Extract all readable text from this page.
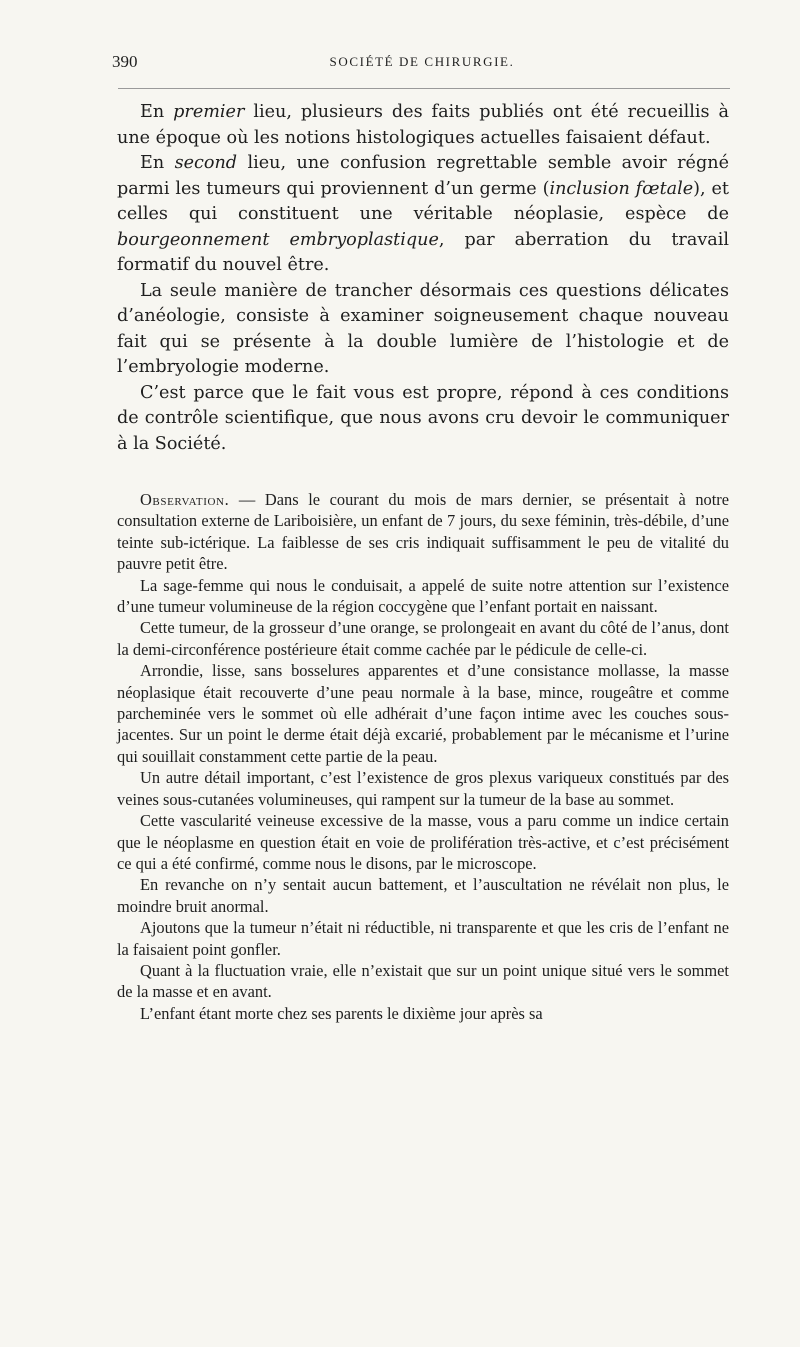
390	SOCIÉTÉ DE CHIRURGIE.

En premier lieu, plusieurs des faits publiés ont été recueillis à une époque où les notions histologiques actuelles faisaient défaut.

En second lieu, une confusion regrettable semble avoir régné parmi les tumeurs qui proviennent d’un germe (inclusion fœtale), et celles qui constituent une véritable néoplasie, espèce de bourgeonnement embryoplastique, par aberration du travail formatif du nouvel être.

La seule manière de trancher désormais ces questions délicates d’anéologie, consiste à examiner soigneusement chaque nouveau fait qui se présente à la double lumière de l’histologie et de l’embryologie moderne.

C’est parce que le fait vous est propre, répond à ces conditions de contrôle scientifique, que nous avons cru devoir le communiquer à la Société.

Observation. — Dans le courant du mois de mars dernier, se présentait à notre consultation externe de Lariboisière, un enfant de 7 jours, du sexe féminin, très-débile, d’une teinte sub-ictérique. La faiblesse de ses cris indiquait suffisamment le peu de vitalité du pauvre petit être.

La sage-femme qui nous le conduisait, a appelé de suite notre attention sur l’existence d’une tumeur volumineuse de la région coccygène que l’enfant portait en naissant.

Cette tumeur, de la grosseur d’une orange, se prolongeait en avant du côté de l’anus, dont la demi-circonférence postérieure était comme cachée par le pédicule de celle-ci.

Arrondie, lisse, sans bosselures apparentes et d’une consistance mollasse, la masse néoplasique était recouverte d’une peau normale à la base, mince, rougeâtre et comme parcheminée vers le sommet où elle adhérait d’une façon intime avec les couches sous-jacentes. Sur un point le derme était déjà excarié, probablement par le mécanisme et l’urine qui souillait constamment cette partie de la peau.

Un autre détail important, c’est l’existence de gros plexus variqueux constitués par des veines sous-cutanées volumineuses, qui rampent sur la tumeur de la base au sommet.

Cette vascularité veineuse excessive de la masse, vous a paru comme un indice certain que le néoplasme en question était en voie de prolifération très-active, et c’est précisément ce qui a été confirmé, comme nous le disons, par le microscope.

En revanche on n’y sentait aucun battement, et l’auscultation ne révélait non plus, le moindre bruit anormal.

Ajoutons que la tumeur n’était ni réductible, ni transparente et que les cris de l’enfant ne la faisaient point gonfler.

Quant à la fluctuation vraie, elle n’existait que sur un point unique situé vers le sommet de la masse et en avant.

L’enfant étant morte chez ses parents le dixième jour après sa
